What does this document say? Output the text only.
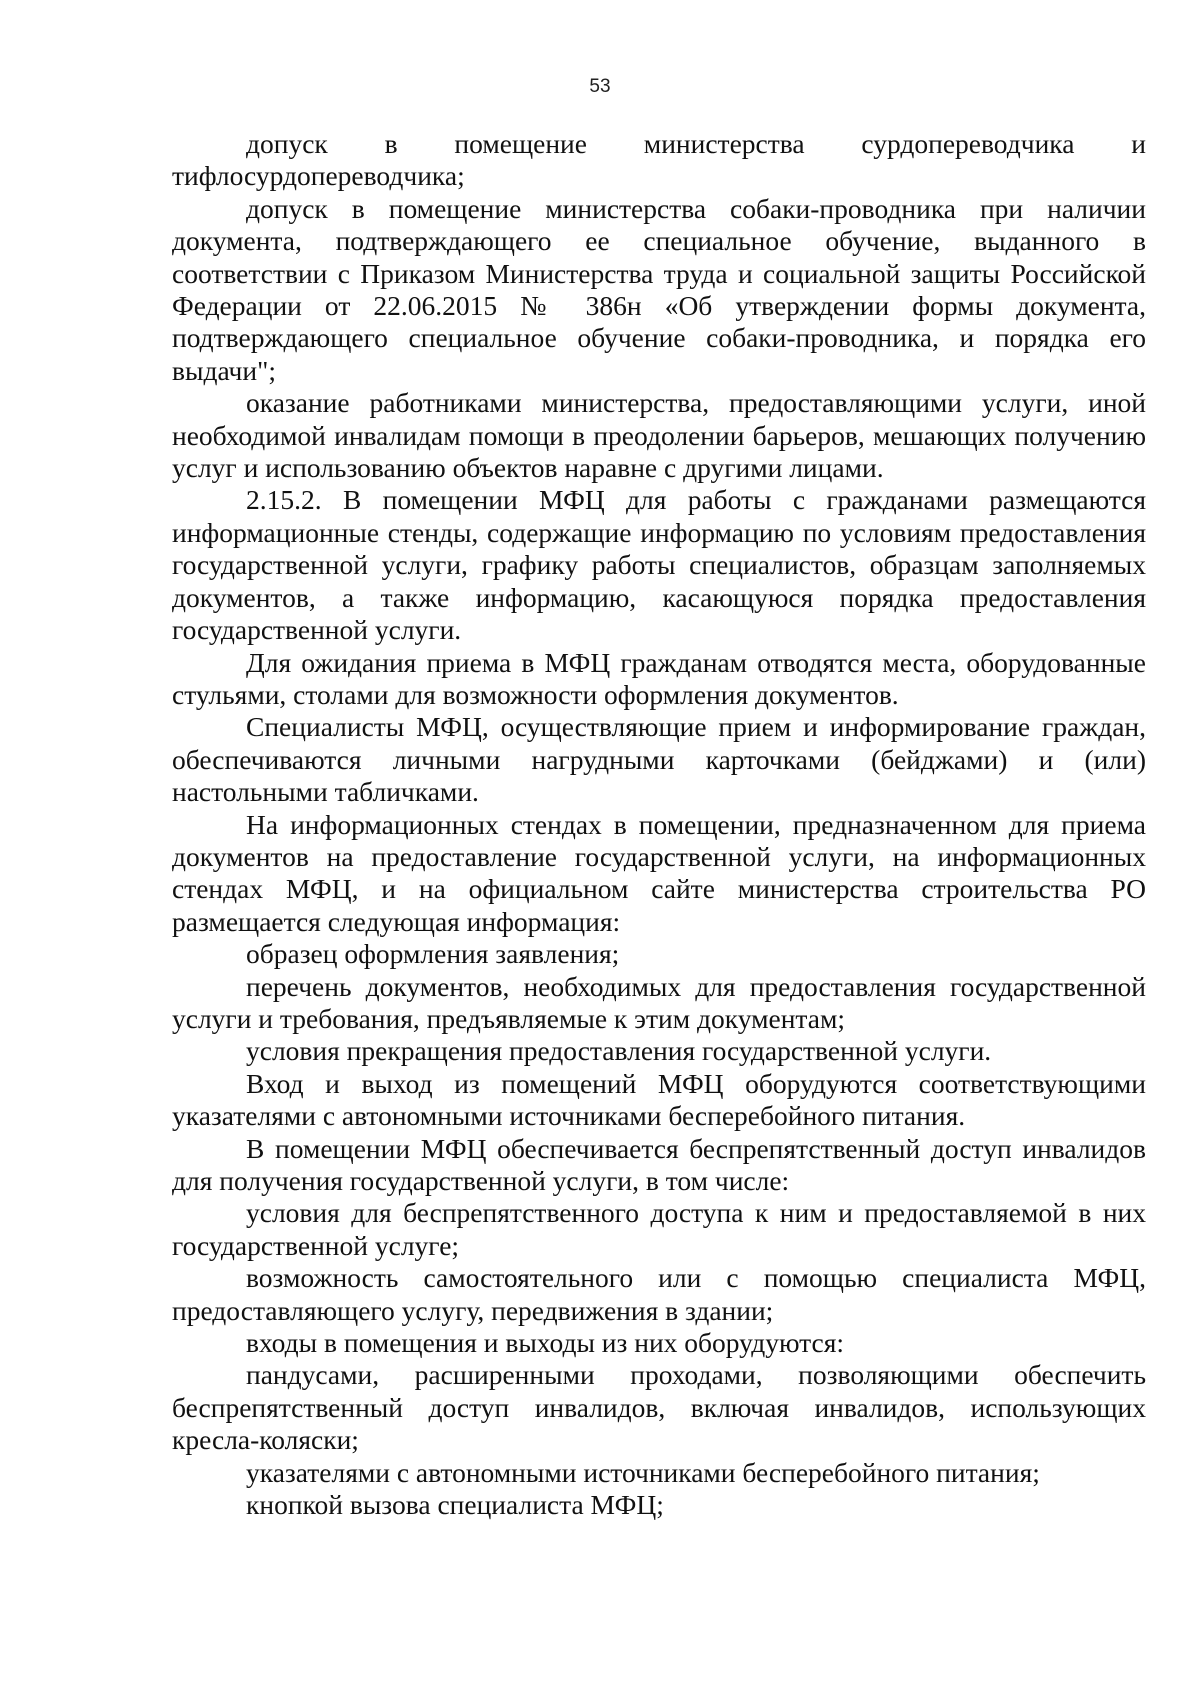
53

допуск в помещение министерства сурдопереводчика и тифлосурдопереводчика;

допуск в помещение министерства собаки-проводника при наличии документа, подтверждающего ее специальное обучение, выданного в соответствии с Приказом Министерства труда и социальной защиты Российской Федерации от 22.06.2015 № 386н «Об утверждении формы документа, подтверждающего специальное обучение собаки-проводника, и порядка его выдачи";

оказание работниками министерства, предоставляющими услуги, иной необходимой инвалидам помощи в преодолении барьеров, мешающих получению услуг и использованию объектов наравне с другими лицами.

2.15.2. В помещении МФЦ для работы с гражданами размещаются информационные стенды, содержащие информацию по условиям предоставления государственной услуги, графику работы специалистов, образцам заполняемых документов, а также информацию, касающуюся порядка предоставления государственной услуги.

Для ожидания приема в МФЦ гражданам отводятся места, оборудованные стульями, столами для возможности оформления документов.

Специалисты МФЦ, осуществляющие прием и информирование граждан, обеспечиваются личными нагрудными карточками (бейджами) и (или) настольными табличками.

На информационных стендах в помещении, предназначенном для приема документов на предоставление государственной услуги, на информационных стендах МФЦ, и на официальном сайте министерства строительства РО размещается следующая информация:

образец оформления заявления;

перечень документов, необходимых для предоставления государственной услуги и требования, предъявляемые к этим документам;

условия прекращения предоставления государственной услуги.

Вход и выход из помещений МФЦ оборудуются соответствующими указателями с автономными источниками бесперебойного питания.

В помещении МФЦ обеспечивается беспрепятственный доступ инвалидов для получения государственной услуги, в том числе:

условия для беспрепятственного доступа к ним и предоставляемой в них государственной услуге;

возможность самостоятельного или с помощью специалиста МФЦ, предоставляющего услугу, передвижения в здании;

входы в помещения и выходы из них оборудуются:

пандусами, расширенными проходами, позволяющими обеспечить беспрепятственный доступ инвалидов, включая инвалидов, использующих кресла-коляски;

указателями с автономными источниками бесперебойного питания;

кнопкой вызова специалиста МФЦ;
